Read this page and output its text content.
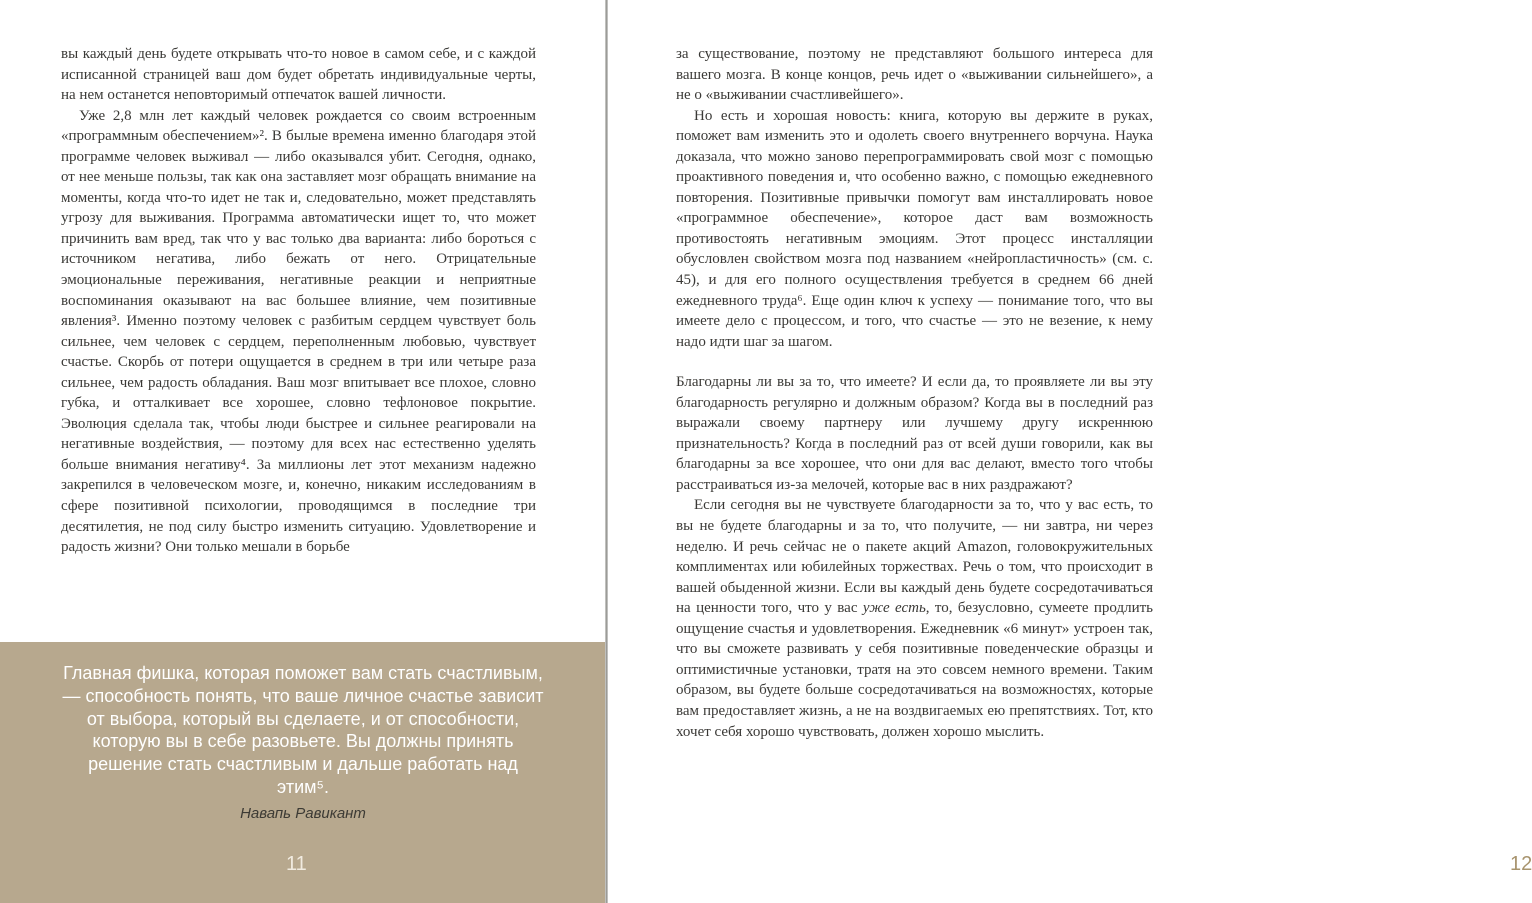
вы каждый день будете открывать что-то новое в самом себе, и с каждой исписанной страницей ваш дом будет обретать индивидуальные черты, на нем останется неповторимый отпечаток вашей личности.

Уже 2,8 млн лет каждый человек рождается со своим встроенным «программным обеспечением»². В былые времена именно благодаря этой программе человек выживал — либо оказывался убит. Сегодня, однако, от нее меньше пользы, так как она заставляет мозг обращать внимание на моменты, когда что-то идет не так и, следовательно, может представлять угрозу для выживания. Программа автоматически ищет то, что может причинить вам вред, так что у вас только два варианта: либо бороться с источником негатива, либо бежать от него. Отрицательные эмоциональные переживания, негативные реакции и неприятные воспоминания оказывают на вас большее влияние, чем позитивные явления³. Именно поэтому человек с разбитым сердцем чувствует боль сильнее, чем человек с сердцем, переполненным любовью, чувствует счастье. Скорбь от потери ощущается в среднем в три или четыре раза сильнее, чем радость обладания. Ваш мозг впитывает все плохое, словно губка, и отталкивает все хорошее, словно тефлоновое покрытие. Эволюция сделала так, чтобы люди быстрее и сильнее реагировали на негативные воздействия, — поэтому для всех нас естественно уделять больше внимания негативу⁴. За миллионы лет этот механизм надежно закрепился в человеческом мозге, и, конечно, никаким исследованиям в сфере позитивной психологии, проводящимся в последние три десятилетия, не под силу быстро изменить ситуацию. Удовлетворение и радость жизни? Они только мешали в борьбе

Главная фишка, которая поможет вам стать счастливым, — способность понять, что ваше личное счастье зависит от выбора, который вы сделаете, и от способности, которую вы в себе разовьете. Вы должны принять решение стать счастливым и дальше работать над этим⁵.
Навапь Равикант
11

за существование, поэтому не представляют большого интереса для вашего мозга. В конце концов, речь идет о «выживании сильнейшего», а не о «выживании счастливейшего».

Но есть и хорошая новость: книга, которую вы держите в руках, поможет вам изменить это и одолеть своего внутреннего ворчуна. Наука доказала, что можно заново перепрограммировать свой мозг с помощью проактивного поведения и, что особенно важно, с помощью ежедневного повторения. Позитивные привычки помогут вам инсталлировать новое «программное обеспечение», которое даст вам возможность противостоять негативным эмоциям. Этот процесс инсталляции обусловлен свойством мозга под названием «нейропластичность» (см. с. 45), и для его полного осуществления требуется в среднем 66 дней ежедневного труда⁶. Еще один ключ к успеху — понимание того, что вы имеете дело с процессом, и того, что счастье — это не везение, к нему надо идти шаг за шагом.

Благодарны ли вы за то, что имеете? И если да, то проявляете ли вы эту благодарность регулярно и должным образом? Когда вы в последний раз выражали своему партнеру или лучшему другу искреннюю признательность? Когда в последний раз от всей души говорили, как вы благодарны за все хорошее, что они для вас делают, вместо того чтобы расстраиваться из-за мелочей, которые вас в них раздражают?

Если сегодня вы не чувствуете благодарности за то, что у вас есть, то вы не будете благодарны и за то, что получите, — ни завтра, ни через неделю. И речь сейчас не о пакете акций Amazon, головокружительных комплиментах или юбилейных торжествах. Речь о том, что происходит в вашей обыденной жизни. Если вы каждый день будете сосредотачиваться на ценности того, что у вас уже есть, то, безусловно, сумеете продлить ощущение счастья и удовлетворения. Ежедневник «6 минут» устроен так, что вы сможете развивать у себя позитивные поведенческие образцы и оптимистичные установки, тратя на это совсем немного времени. Таким образом, вы будете больше сосредотачиваться на возможностях, которые вам предоставляет жизнь, а не на воздвигаемых ею препятствиях. Тот, кто хочет себя хорошо чувствовать, должен хорошо мыслить.

12
